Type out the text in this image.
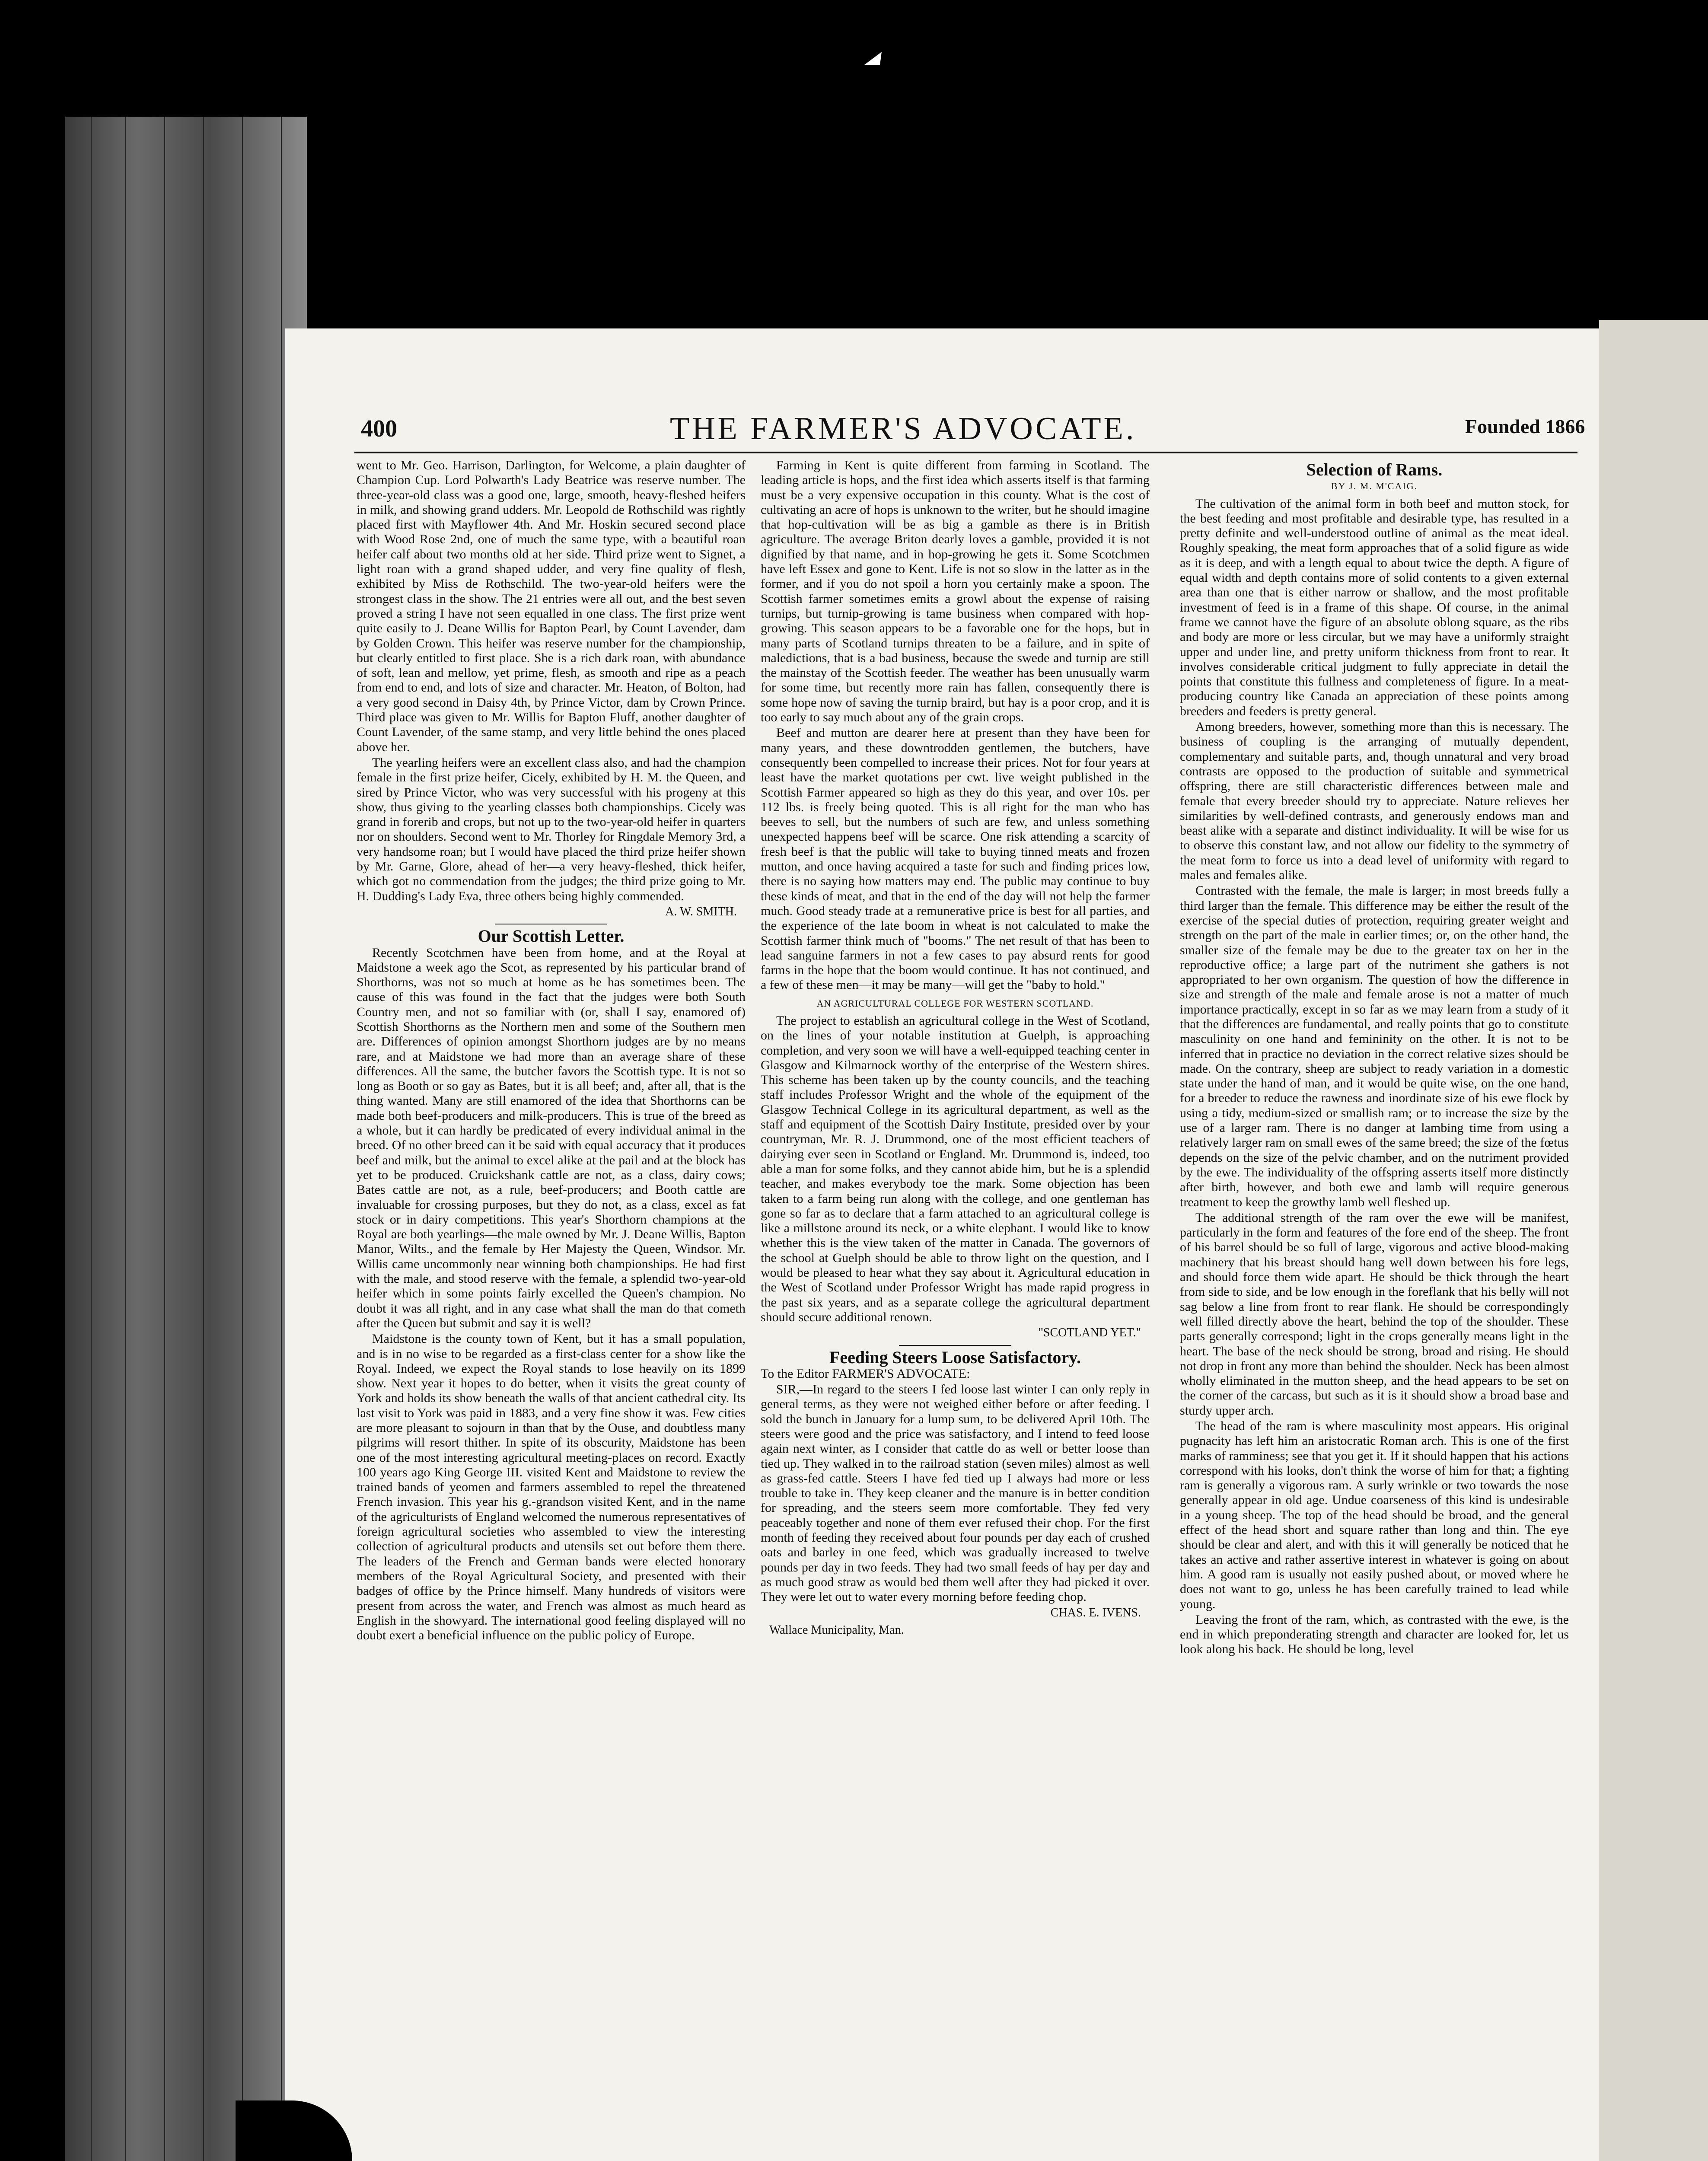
400	THE FARMER'S ADVOCATE.	Founded 1866

went to Mr. Geo. Harrison, Darlington, for Welcome, a plain daughter of Champion Cup. Lord Polwarth's Lady Beatrice was reserve number. The three-year-old class was a good one, large, smooth, heavy-fleshed heifers in milk, and showing grand udders. Mr. Leopold de Rothschild was rightly placed first with Mayflower 4th. And Mr. Hoskin secured second place with Wood Rose 2nd, one of much the same type, with a beautiful roan heifer calf about two months old at her side. Third prize went to Signet, a light roan with a grand shaped udder, and very fine quality of flesh, exhibited by Miss de Rothschild. The two-year-old heifers were the strongest class in the show. The 21 entries were all out, and the best seven proved a string I have not seen equalled in one class. The first prize went quite easily to J. Deane Willis for Bapton Pearl, by Count Lavender, dam by Golden Crown. This heifer was reserve number for the championship, but clearly entitled to first place. She is a rich dark roan, with abundance of soft, lean and mellow, yet prime, flesh, as smooth and ripe as a peach from end to end, and lots of size and character. Mr. Heaton, of Bolton, had a very good second in Daisy 4th, by Prince Victor, dam by Crown Prince. Third place was given to Mr. Willis for Bapton Fluff, another daughter of Count Lavender, of the same stamp, and very little behind the ones placed above her.

The yearling heifers were an excellent class also, and had the champion female in the first prize heifer, Cicely, exhibited by H. M. the Queen, and sired by Prince Victor, who was very successful with his progeny at this show, thus giving to the yearling classes both championships. Cicely was grand in forerib and crops, but not up to the two-year-old heifer in quarters nor on shoulders. Second went to Mr. Thorley for Ringdale Memory 3rd, a very handsome roan; but I would have placed the third prize heifer shown by Mr. Garne, Glore, ahead of her—a very heavy-fleshed, thick heifer, which got no commendation from the judges; the third prize going to Mr. H. Dudding's Lady Eva, three others being highly commended.

A. W. SMITH.
Our Scottish Letter.

Recently Scotchmen have been from home, and at the Royal at Maidstone a week ago the Scot, as represented by his particular brand of Shorthorns, was not so much at home as he has sometimes been. The cause of this was found in the fact that the judges were both South Country men, and not so familiar with (or, shall I say, enamored of) Scottish Shorthorns as the Northern men and some of the Southern men are. Differences of opinion amongst Shorthorn judges are by no means rare, and at Maidstone we had more than an average share of these differences. All the same, the butcher favors the Scottish type. It is not so long as Booth or so gay as Bates, but it is all beef; and, after all, that is the thing wanted. Many are still enamored of the idea that Shorthorns can be made both beef-producers and milk-producers. This is true of the breed as a whole, but it can hardly be predicated of every individual animal in the breed. Of no other breed can it be said with equal accuracy that it produces beef and milk, but the animal to excel alike at the pail and at the block has yet to be produced. Cruickshank cattle are not, as a class, dairy cows; Bates cattle are not, as a rule, beef-producers; and Booth cattle are invaluable for crossing purposes, but they do not, as a class, excel as fat stock or in dairy competitions. This year's Shorthorn champions at the Royal are both yearlings—the male owned by Mr. J. Deane Willis, Bapton Manor, Wilts., and the female by Her Majesty the Queen, Windsor. Mr. Willis came uncommonly near winning both championships. He had first with the male, and stood reserve with the female, a splendid two-year-old heifer which in some points fairly excelled the Queen's champion. No doubt it was all right, and in any case what shall the man do that cometh after the Queen but submit and say it is well?

Maidstone is the county town of Kent, but it has a small population, and is in no wise to be regarded as a first-class center for a show like the Royal. Indeed, we expect the Royal stands to lose heavily on its 1899 show. Next year it hopes to do better, when it visits the great county of York and holds its show beneath the walls of that ancient cathedral city. Its last visit to York was paid in 1883, and a very fine show it was. Few cities are more pleasant to sojourn in than that by the Ouse, and doubtless many pilgrims will resort thither. In spite of its obscurity, Maidstone has been one of the most interesting agricultural meeting-places on record. Exactly 100 years ago King George III. visited Kent and Maidstone to review the trained bands of yeomen and farmers assembled to repel the threatened French invasion. This year his g.-grandson visited Kent, and in the name of the agriculturists of England welcomed the numerous representatives of foreign agricultural societies who assembled to view the interesting collection of agricultural products and utensils set out before them there. The leaders of the French and German bands were elected honorary members of the Royal Agricultural Society, and presented with their badges of office by the Prince himself. Many hundreds of visitors were present from across the water, and French was almost as much heard as English in the showyard. The international good feeling displayed will no doubt exert a beneficial influence on the public policy of Europe.

Farming in Kent is quite different from farming in Scotland. The leading article is hops, and the first idea which asserts itself is that farming must be a very expensive occupation in this county. What is the cost of cultivating an acre of hops is unknown to the writer, but he should imagine that hop-cultivation will be as big a gamble as there is in British agriculture. The average Briton dearly loves a gamble, provided it is not dignified by that name, and in hop-growing he gets it. Some Scotchmen have left Essex and gone to Kent. Life is not so slow in the latter as in the former, and if you do not spoil a horn you certainly make a spoon. The Scottish farmer sometimes emits a growl about the expense of raising turnips, but turnip-growing is tame business when compared with hop-growing. This season appears to be a favorable one for the hops, but in many parts of Scotland turnips threaten to be a failure, and in spite of maledictions, that is a bad business, because the swede and turnip are still the mainstay of the Scottish feeder. The weather has been unusually warm for some time, but recently more rain has fallen, consequently there is some hope now of saving the turnip braird, but hay is a poor crop, and it is too early to say much about any of the grain crops.

Beef and mutton are dearer here at present than they have been for many years, and these downtrodden gentlemen, the butchers, have consequently been compelled to increase their prices. Not for four years at least have the market quotations per cwt. live weight published in the Scottish Farmer appeared so high as they do this year, and over 10s. per 112 lbs. is freely being quoted. This is all right for the man who has beeves to sell, but the numbers of such are few, and unless something unexpected happens beef will be scarce. One risk attending a scarcity of fresh beef is that the public will take to buying tinned meats and frozen mutton, and once having acquired a taste for such and finding prices low, there is no saying how matters may end. The public may continue to buy these kinds of meat, and that in the end of the day will not help the farmer much. Good steady trade at a remunerative price is best for all parties, and the experience of the late boom in wheat is not calculated to make the Scottish farmer think much of "booms." The net result of that has been to lead sanguine farmers in not a few cases to pay absurd rents for good farms in the hope that the boom would continue. It has not continued, and a few of these men—it may be many—will get the "baby to hold."

AN AGRICULTURAL COLLEGE FOR WESTERN SCOTLAND.

The project to establish an agricultural college in the West of Scotland, on the lines of your notable institution at Guelph, is approaching completion, and very soon we will have a well-equipped teaching center in Glasgow and Kilmarnock worthy of the enterprise of the Western shires. This scheme has been taken up by the county councils, and the teaching staff includes Professor Wright and the whole of the equipment of the Glasgow Technical College in its agricultural department, as well as the staff and equipment of the Scottish Dairy Institute, presided over by your countryman, Mr. R. J. Drummond, one of the most efficient teachers of dairying ever seen in Scotland or England. Mr. Drummond is, indeed, too able a man for some folks, and they cannot abide him, but he is a splendid teacher, and makes everybody toe the mark. Some objection has been taken to a farm being run along with the college, and one gentleman has gone so far as to declare that a farm attached to an agricultural college is like a millstone around its neck, or a white elephant. I would like to know whether this is the view taken of the matter in Canada. The governors of the school at Guelph should be able to throw light on the question, and I would be pleased to hear what they say about it. Agricultural education in the West of Scotland under Professor Wright has made rapid progress in the past six years, and as a separate college the agricultural department should secure additional renown.

"SCOTLAND YET."
Feeding Steers Loose Satisfactory.

To the Editor FARMER'S ADVOCATE:

SIR,—In regard to the steers I fed loose last winter I can only reply in general terms, as they were not weighed either before or after feeding. I sold the bunch in January for a lump sum, to be delivered April 10th. The steers were good and the price was satisfactory, and I intend to feed loose again next winter, as I consider that cattle do as well or better loose than tied up. They walked in to the railroad station (seven miles) almost as well as grass-fed cattle. Steers I have fed tied up I always had more or less trouble to take in. They keep cleaner and the manure is in better condition for spreading, and the steers seem more comfortable. They fed very peaceably together and none of them ever refused their chop. For the first month of feeding they received about four pounds per day each of crushed oats and barley in one feed, which was gradually increased to twelve pounds per day in two feeds. They had two small feeds of hay per day and as much good straw as would bed them well after they had picked it over. They were let out to water every morning before feeding chop.

CHAS. E. IVENS.
Wallace Municipality, Man.
Selection of Rams.
BY J. M. M'CAIG.

The cultivation of the animal form in both beef and mutton stock, for the best feeding and most profitable and desirable type, has resulted in a pretty definite and well-understood outline of animal as the meat ideal. Roughly speaking, the meat form approaches that of a solid figure as wide as it is deep, and with a length equal to about twice the depth. A figure of equal width and depth contains more of solid contents to a given external area than one that is either narrow or shallow, and the most profitable investment of feed is in a frame of this shape. Of course, in the animal frame we cannot have the figure of an absolute oblong square, as the ribs and body are more or less circular, but we may have a uniformly straight upper and under line, and pretty uniform thickness from front to rear. It involves considerable critical judgment to fully appreciate in detail the points that constitute this fullness and completeness of figure. In a meat-producing country like Canada an appreciation of these points among breeders and feeders is pretty general.

Among breeders, however, something more than this is necessary. The business of coupling is the arranging of mutually dependent, complementary and suitable parts, and, though unnatural and very broad contrasts are opposed to the production of suitable and symmetrical offspring, there are still characteristic differences between male and female that every breeder should try to appreciate. Nature relieves her similarities by well-defined contrasts, and generously endows man and beast alike with a separate and distinct individuality. It will be wise for us to observe this constant law, and not allow our fidelity to the symmetry of the meat form to force us into a dead level of uniformity with regard to males and females alike.

Contrasted with the female, the male is larger; in most breeds fully a third larger than the female. This difference may be either the result of the exercise of the special duties of protection, requiring greater weight and strength on the part of the male in earlier times; or, on the other hand, the smaller size of the female may be due to the greater tax on her in the reproductive office; a large part of the nutriment she gathers is not appropriated to her own organism. The question of how the difference in size and strength of the male and female arose is not a matter of much importance practically, except in so far as we may learn from a study of it that the differences are fundamental, and really points that go to constitute masculinity on one hand and femininity on the other. It is not to be inferred that in practice no deviation in the correct relative sizes should be made. On the contrary, sheep are subject to ready variation in a domestic state under the hand of man, and it would be quite wise, on the one hand, for a breeder to reduce the rawness and inordinate size of his ewe flock by using a tidy, medium-sized or smallish ram; or to increase the size by the use of a larger ram. There is no danger at lambing time from using a relatively larger ram on small ewes of the same breed; the size of the fœtus depends on the size of the pelvic chamber, and on the nutriment provided by the ewe. The individuality of the offspring asserts itself more distinctly after birth, however, and both ewe and lamb will require generous treatment to keep the growthy lamb well fleshed up.

The additional strength of the ram over the ewe will be manifest, particularly in the form and features of the fore end of the sheep. The front of his barrel should be so full of large, vigorous and active blood-making machinery that his breast should hang well down between his fore legs, and should force them wide apart. He should be thick through the heart from side to side, and be low enough in the foreflank that his belly will not sag below a line from front to rear flank. He should be correspondingly well filled directly above the heart, behind the top of the shoulder. These parts generally correspond; light in the crops generally means light in the heart. The base of the neck should be strong, broad and rising. He should not drop in front any more than behind the shoulder. Neck has been almost wholly eliminated in the mutton sheep, and the head appears to be set on the corner of the carcass, but such as it is it should show a broad base and sturdy upper arch.

The head of the ram is where masculinity most appears. His original pugnacity has left him an aristocratic Roman arch. This is one of the first marks of ramminess; see that you get it. If it should happen that his actions correspond with his looks, don't think the worse of him for that; a fighting ram is generally a vigorous ram. A surly wrinkle or two towards the nose generally appear in old age. Undue coarseness of this kind is undesirable in a young sheep. The top of the head should be broad, and the general effect of the head short and square rather than long and thin. The eye should be clear and alert, and with this it will generally be noticed that he takes an active and rather assertive interest in whatever is going on about him. A good ram is usually not easily pushed about, or moved where he does not want to go, unless he has been carefully trained to lead while young.

Leaving the front of the ram, which, as contrasted with the ewe, is the end in which preponderating strength and character are looked for, let us look along his back. He should be long, level
